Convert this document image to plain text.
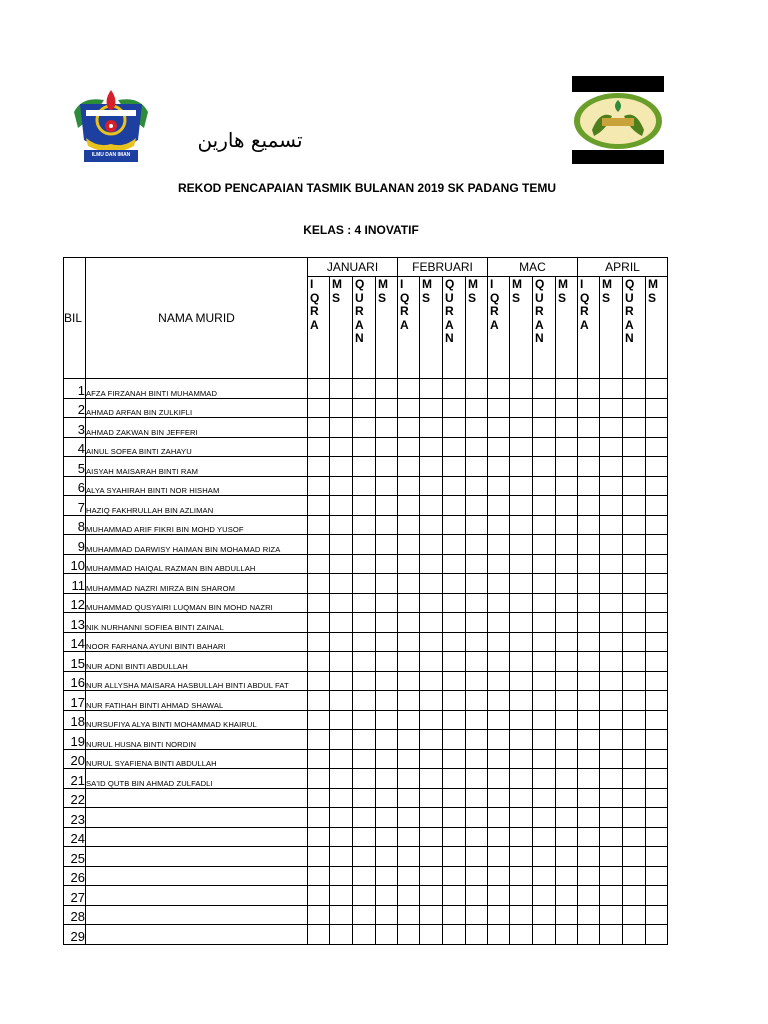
ILMU DAN IMAN
تسميع هارين
REKOD PENCAPAIAN TASMIK BULANAN 2019 SK PADANG TEMU
KELAS : 4 INOVATIF
BIL	NAMA MURID	JANUARI				FEBRUARI				MAC				APRIL			

		I
Q
R
A	M
S	Q
U
R
A
N	M
S	I
Q
R
A	M
S	Q
U
R
A
N	M
S	I
Q
R
A	M
S	Q
U
R
A
N	M
S	I
Q
R
A	M
S	Q
U
R
A
N	M
S

1	AFZA FIRZANAH BINTI MUHAMMAD																
2	AHMAD ARFAN BIN ZULKIFLI																
3	AHMAD ZAKWAN BIN JEFFERI																
4	AINUL SOFEA BINTI ZAHAYU																
5	AISYAH MAISARAH BINTI RAM																
6	ALYA SYAHIRAH BINTI NOR HISHAM																
7	HAZIQ FAKHRULLAH BIN AZLIMAN																
8	MUHAMMAD ARIF FIKRI BIN MOHD YUSOF																
9	MUHAMMAD DARWISY HAIMAN BIN MOHAMAD RIZA																
10	MUHAMMAD HAIQAL RAZMAN BIN ABDULLAH																
11	MUHAMMAD NAZRI MIRZA BIN SHAROM																
12	MUHAMMAD QUSYAIRI LUQMAN BIN MOHD NAZRI																
13	NIK NURHANNI SOFIEA BINTI ZAINAL																
14	NOOR FARHANA AYUNI BINTI BAHARI																
15	NUR ADNI BINTI ABDULLAH																
16	NUR ALLYSHA MAISARA HASBULLAH BINTI ABDUL FAT																
17	NUR FATIHAH BINTI AHMAD SHAWAL																
18	NURSUFIYA ALYA BINTI MOHAMMAD KHAIRUL																
19	NURUL HUSNA BINTI NORDIN																
20	NURUL SYAFIENA BINTI ABDULLAH																
21	SA'ID QUTB BIN AHMAD ZULFADLI																
22																	
23																	
24																	
25																	
26																	
27																	
28																	
29																	
